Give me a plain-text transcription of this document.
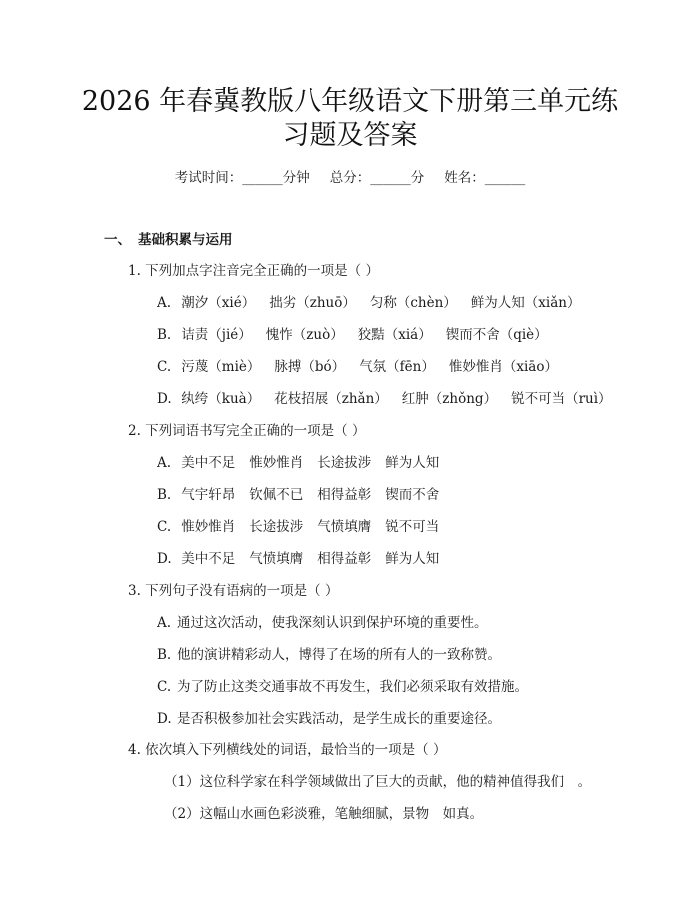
2026 年春冀教版八年级语文下册第三单元练
习题及答案
考试时间：______分钟 总分：______分 姓名：______
一、 基础积累与运用
1. 下列加点字注音完全正确的一项是（ ）
A. 潮汐（xié） 拙劣（zhuō） 匀称（chèn） 鲜为人知（xiǎn）
B. 诘责（jié） 愧怍（zuò） 狡黠（xiá） 锲而不舍（qiè）
C. 污蔑（miè） 脉搏（bó） 气氛（fēn） 惟妙惟肖（xiāo）
D. 纨绔（kuà） 花枝招展（zhǎn） 红肿（zhǒng） 锐不可当（ruì）
2. 下列词语书写完全正确的一项是（ ）
A. 美中不足 惟妙惟肖 长途拔涉 鲜为人知
B. 气宇轩昂 钦佩不已 相得益彰 锲而不舍
C. 惟妙惟肖 长途拔涉 气愤填膺 锐不可当
D. 美中不足 气愤填膺 相得益彰 鲜为人知
3. 下列句子没有语病的一项是（ ）
A. 通过这次活动，使我深刻认识到保护环境的重要性。
B. 他的演讲精彩动人，博得了在场的所有人的一致称赞。
C. 为了防止这类交通事故不再发生，我们必须采取有效措施。
D. 是否积极参加社会实践活动，是学生成长的重要途径。
4. 依次填入下列横线处的词语，最恰当的一项是（ ）
（1）这位科学家在科学领域做出了巨大的贡献，他的精神值得我们　。
（2）这幅山水画色彩淡雅，笔触细腻，景物　如真。
